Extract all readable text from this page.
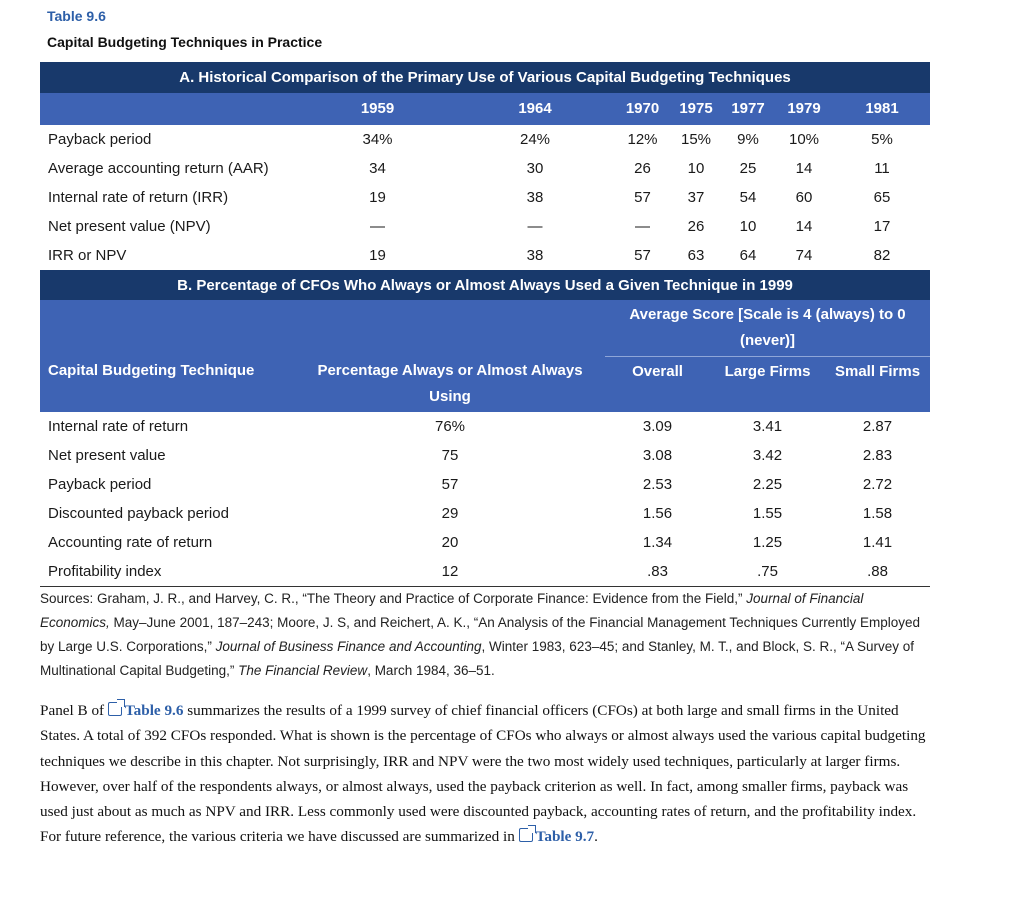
Table 9.6
Capital Budgeting Techniques in Practice
A. Historical Comparison of the Primary Use of Various Capital Budgeting Techniques							
	1959	1964	1970	1975	1977	1979	1981
Payback period	34%	24%	12%	15%	9%	10%	5%
Average accounting return (AAR)	34	30	26	10	25	14	11
Internal rate of return (IRR)	19	38	57	37	54	60	65
Net present value (NPV)	—	—	—	26	10	14	17
IRR or NPV	19	38	57	63	64	74	82
B. Percentage of CFOs Who Always or Almost Always Used a Given Technique in 1999				
		Average Score [Scale is 4 (always) to 0 (never)]		
Capital Budgeting Technique	Percentage Always or Almost Always Using	Overall	Large Firms	Small Firms
Internal rate of return	76%	3.09	3.41	2.87
Net present value	75	3.08	3.42	2.83
Payback period	57	2.53	2.25	2.72
Discounted payback period	29	1.56	1.55	1.58
Accounting rate of return	20	1.34	1.25	1.41
Profitability index	12	.83	.75	.88
Sources: Graham, J. R., and Harvey, C. R., “The Theory and Practice of Corporate Finance: Evidence from the Field,” Journal of Financial Economics, May–June 2001, 187–243; Moore, J. S, and Reichert, A. K., “An Analysis of the Financial Management Techniques Currently Employed by Large U.S. Corporations,” Journal of Business Finance and Accounting, Winter 1983, 623–45; and Stanley, M. T., and Block, S. R., “A Survey of Multinational Capital Budgeting,” The Financial Review, March 1984, 36–51.
Panel B of Table 9.6 summarizes the results of a 1999 survey of chief financial officers (CFOs) at both large and small firms in the United States. A total of 392 CFOs responded. What is shown is the percentage of CFOs who always or almost always used the various capital budgeting techniques we describe in this chapter. Not surprisingly, IRR and NPV were the two most widely used techniques, particularly at larger firms. However, over half of the respondents always, or almost always, used the payback criterion as well. In fact, among smaller firms, payback was used just about as much as NPV and IRR. Less commonly used were discounted payback, accounting rates of return, and the profitability index. For future reference, the various criteria we have discussed are summarized in Table 9.7.
